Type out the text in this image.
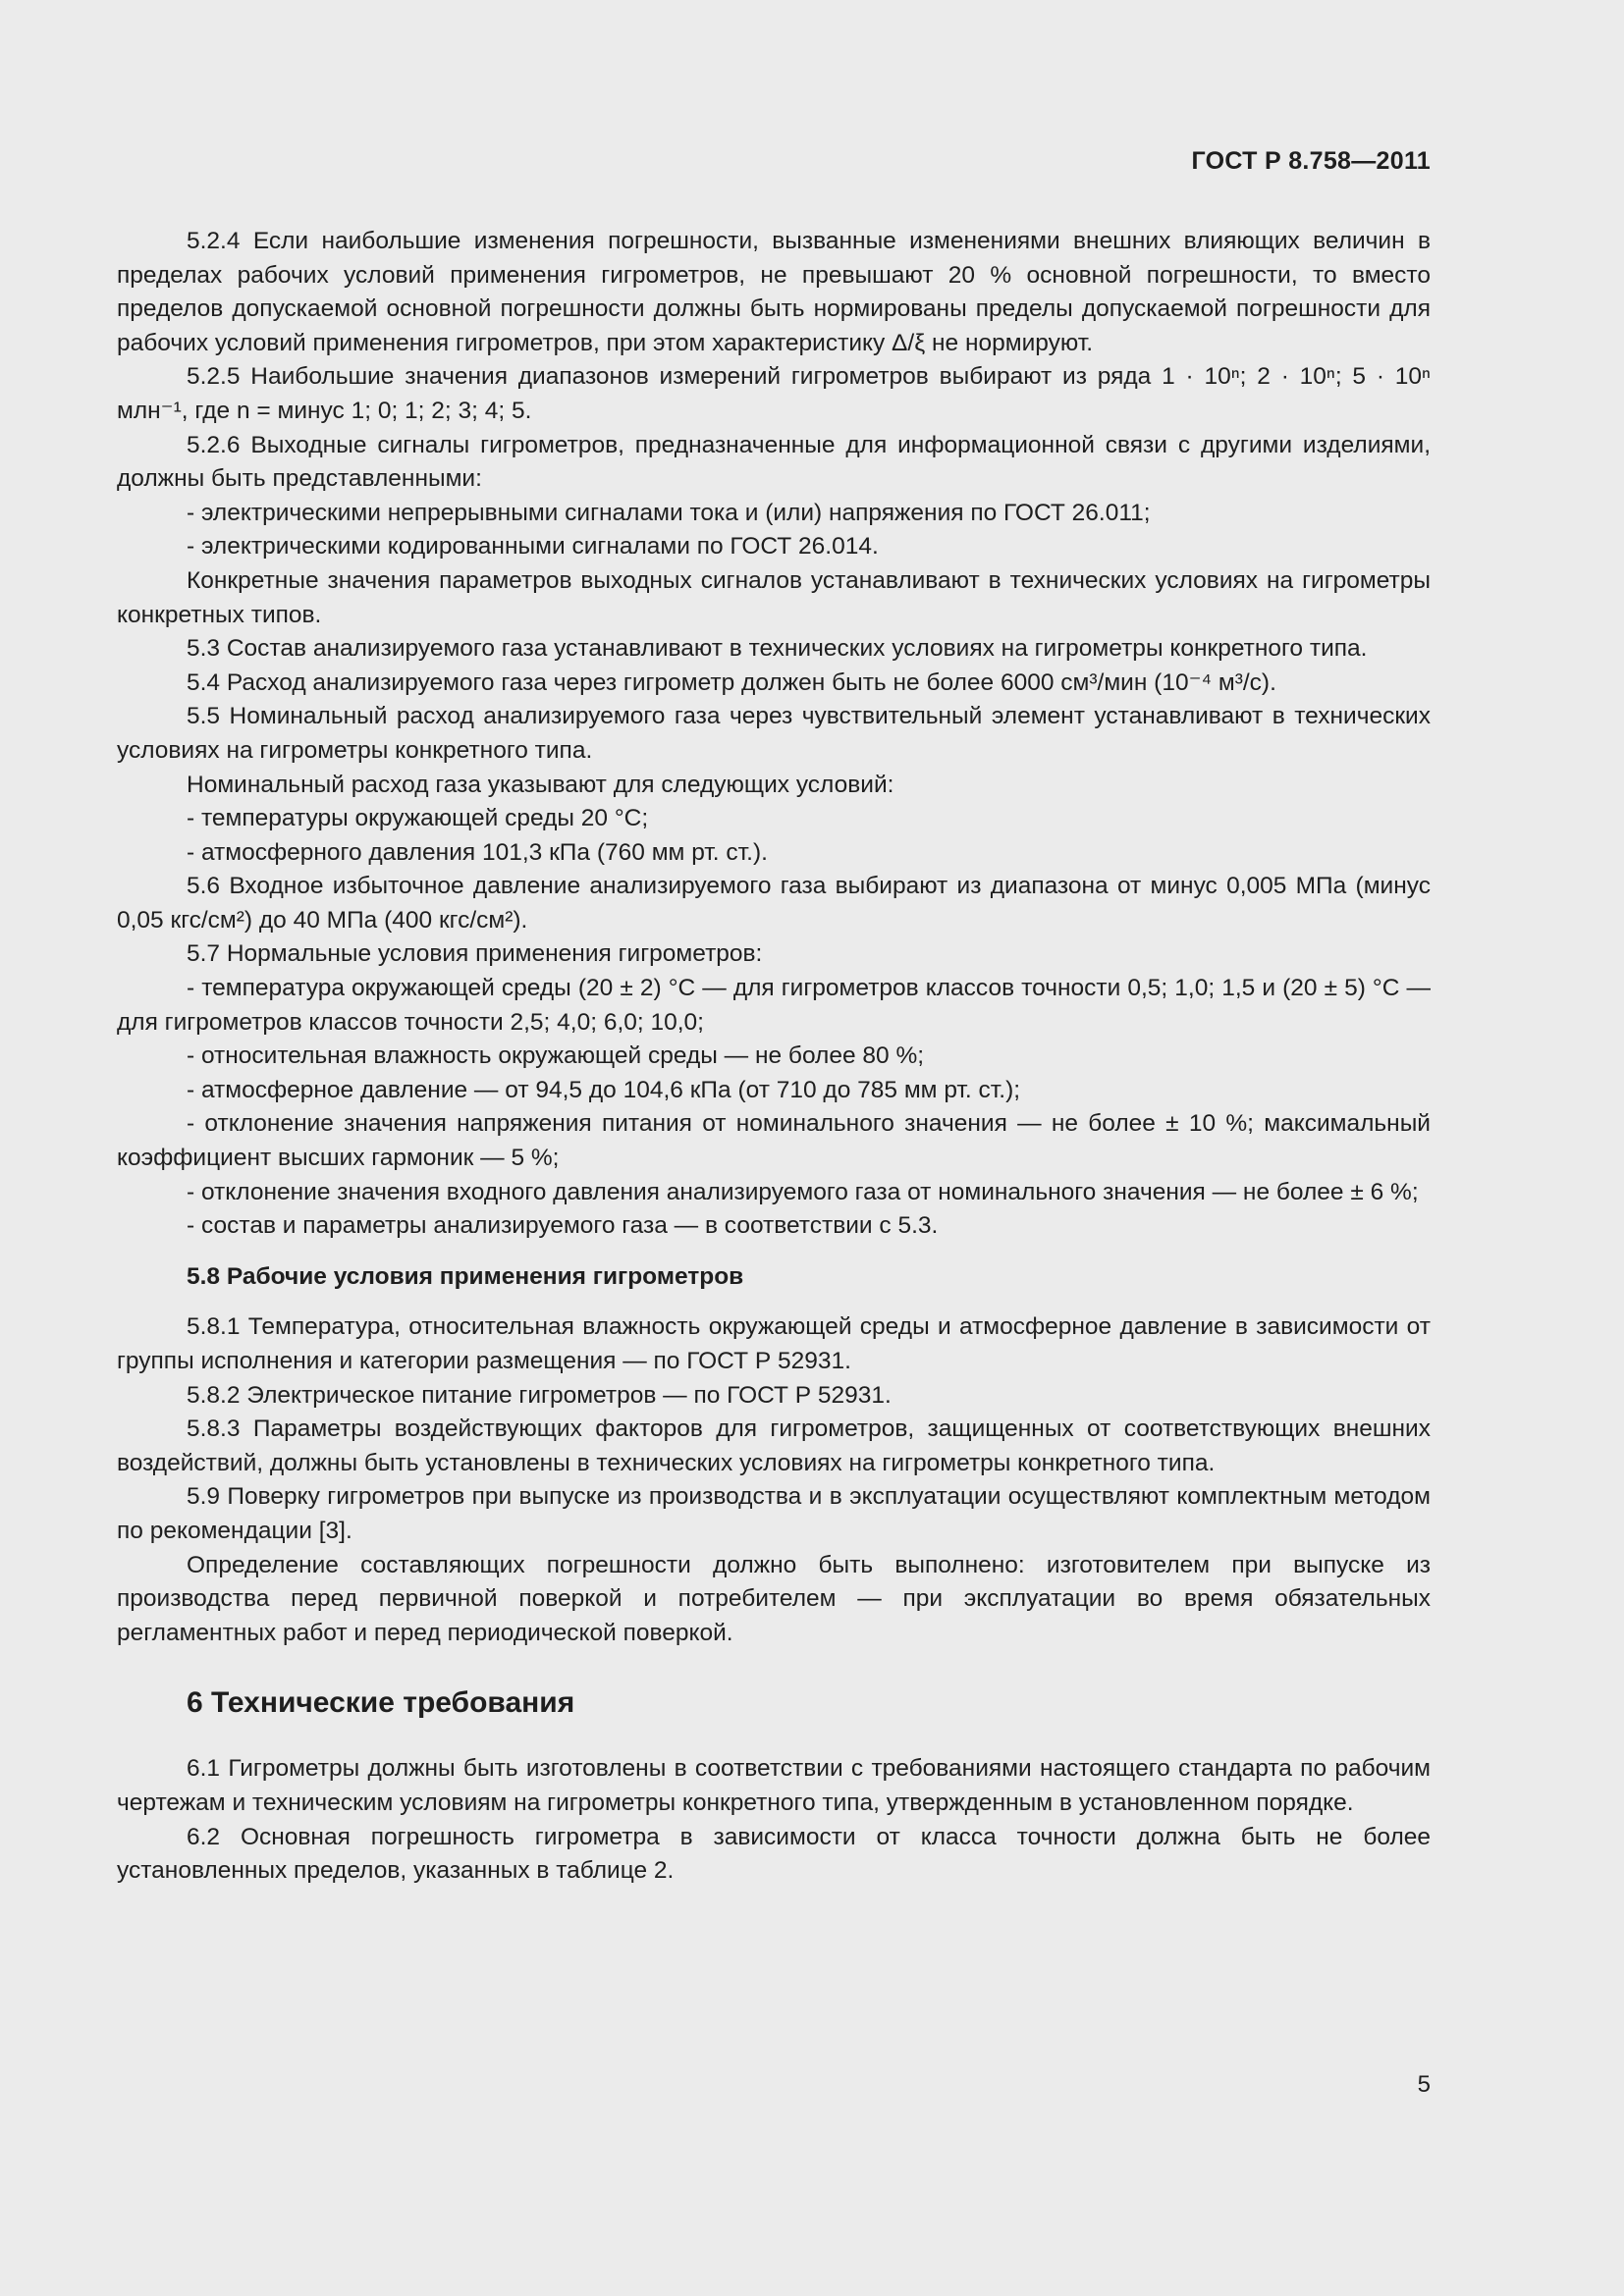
ГОСТ Р 8.758—2011

5.2.4 Если наибольшие изменения погрешности, вызванные изменениями внешних влияющих величин в пределах рабочих условий применения гигрометров, не превышают 20 % основной погрешности, то вместо пределов допускаемой основной погрешности должны быть нормированы пределы допускаемой погрешности для рабочих условий применения гигрометров, при этом характеристику Δ/ξ не нормируют.

5.2.5 Наибольшие значения диапазонов измерений гигрометров выбирают из ряда 1 · 10ⁿ; 2 · 10ⁿ; 5 · 10ⁿ млн⁻¹, где n = минус 1; 0; 1; 2; 3; 4; 5.

5.2.6 Выходные сигналы гигрометров, предназначенные для информационной связи с другими изделиями, должны быть представленными:

- электрическими непрерывными сигналами тока и (или) напряжения по ГОСТ 26.011;

- электрическими кодированными сигналами по ГОСТ 26.014.

Конкретные значения параметров выходных сигналов устанавливают в технических условиях на гигрометры конкретных типов.

5.3 Состав анализируемого газа устанавливают в технических условиях на гигрометры конкретного типа.

5.4 Расход анализируемого газа через гигрометр должен быть не более 6000 см³/мин (10⁻⁴ м³/с).

5.5 Номинальный расход анализируемого газа через чувствительный элемент устанавливают в технических условиях на гигрометры конкретного типа.

Номинальный расход газа указывают для следующих условий:

- температуры окружающей среды 20 °С;

- атмосферного давления 101,3 кПа (760 мм рт. ст.).

5.6 Входное избыточное давление анализируемого газа выбирают из диапазона от минус 0,005 МПа (минус 0,05 кгс/см²) до 40 МПа (400 кгс/см²).

5.7 Нормальные условия применения гигрометров:

- температура окружающей среды (20 ± 2) °С — для гигрометров классов точности 0,5; 1,0; 1,5 и (20 ± 5) °С — для гигрометров классов точности 2,5; 4,0; 6,0; 10,0;

- относительная влажность окружающей среды — не более 80 %;

- атмосферное давление — от 94,5 до 104,6 кПа (от 710 до 785 мм рт. ст.);

- отклонение значения напряжения питания от номинального значения — не более ± 10 %; максимальный коэффициент высших гармоник — 5 %;

- отклонение значения входного давления анализируемого газа от номинального значения — не более ± 6 %;

- состав и параметры анализируемого газа — в соответствии с 5.3.

5.8 Рабочие условия применения гигрометров

5.8.1 Температура, относительная влажность окружающей среды и атмосферное давление в зависимости от группы исполнения и категории размещения — по ГОСТ Р 52931.

5.8.2 Электрическое питание гигрометров — по ГОСТ Р 52931.

5.8.3 Параметры воздействующих факторов для гигрометров, защищенных от соответствующих внешних воздействий, должны быть установлены в технических условиях на гигрометры конкретного типа.

5.9 Поверку гигрометров при выпуске из производства и в эксплуатации осуществляют комплектным методом по рекомендации [3].

Определение составляющих погрешности должно быть выполнено: изготовителем при выпуске из производства перед первичной поверкой и потребителем — при эксплуатации во время обязательных регламентных работ и перед периодической поверкой.

6 Технические требования

6.1 Гигрометры должны быть изготовлены в соответствии с требованиями настоящего стандарта по рабочим чертежам и техническим условиям на гигрометры конкретного типа, утвержденным в установленном порядке.

6.2 Основная погрешность гигрометра в зависимости от класса точности должна быть не более установленных пределов, указанных в таблице 2.

5
